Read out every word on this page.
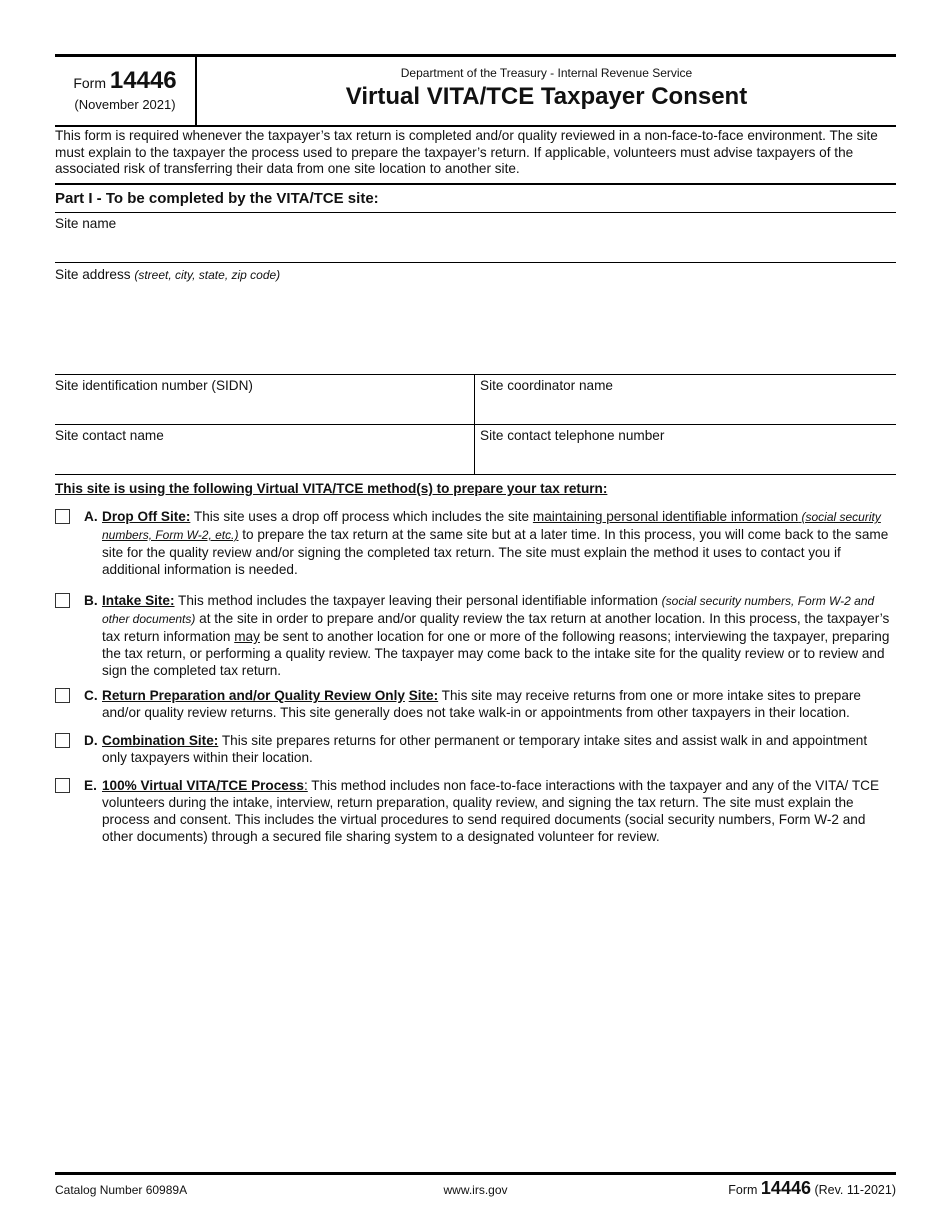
Form 14446
(November 2021)
Department of the Treasury - Internal Revenue Service
Virtual VITA/TCE Taxpayer Consent
This form is required whenever the taxpayer’s tax return is completed and/or quality reviewed in a non-face-to-face environment. The site must explain to the taxpayer the process used to prepare the taxpayer’s return. If applicable, volunteers must advise taxpayers of the associated risk of transferring their data from one site location to another site.
Part I - To be completed by the VITA/TCE site:
Site name
Site address (street, city, state, zip code)
Site identification number (SIDN)	Site coordinator name
Site contact name	Site contact telephone number
This site is using the following Virtual VITA/TCE method(s) to prepare your tax return:
A. Drop Off Site: This site uses a drop off process which includes the site maintaining personal identifiable information (social security numbers, Form W-2, etc.) to prepare the tax return at the same site but at a later time. In this process, you will come back to the same site for the quality review and/or signing the completed tax return. The site must explain the method it uses to contact you if additional information is needed.
B. Intake Site: This method includes the taxpayer leaving their personal identifiable information (social security numbers, Form W-2 and other documents) at the site in order to prepare and/or quality review the tax return at another location. In this process, the taxpayer’s tax return information may be sent to another location for one or more of the following reasons; interviewing the taxpayer, preparing the tax return, or performing a quality review. The taxpayer may come back to the intake site for the quality review or to review and sign the completed tax return.
C. Return Preparation and/or Quality Review Only Site: This site may receive returns from one or more intake sites to prepare and/or quality review returns. This site generally does not take walk-in or appointments from other taxpayers in their location.
D. Combination Site: This site prepares returns for other permanent or temporary intake sites and assist walk in and appointment only taxpayers within their location.
E. 100% Virtual VITA/TCE Process: This method includes non face-to-face interactions with the taxpayer and any of the VITA/ TCE volunteers during the intake, interview, return preparation, quality review, and signing the tax return. The site must explain the process and consent. This includes the virtual procedures to send required documents (social security numbers, Form W-2 and other documents) through a secured file sharing system to a designated volunteer for review.
Catalog Number 60989A	www.irs.gov	Form 14446 (Rev. 11-2021)
